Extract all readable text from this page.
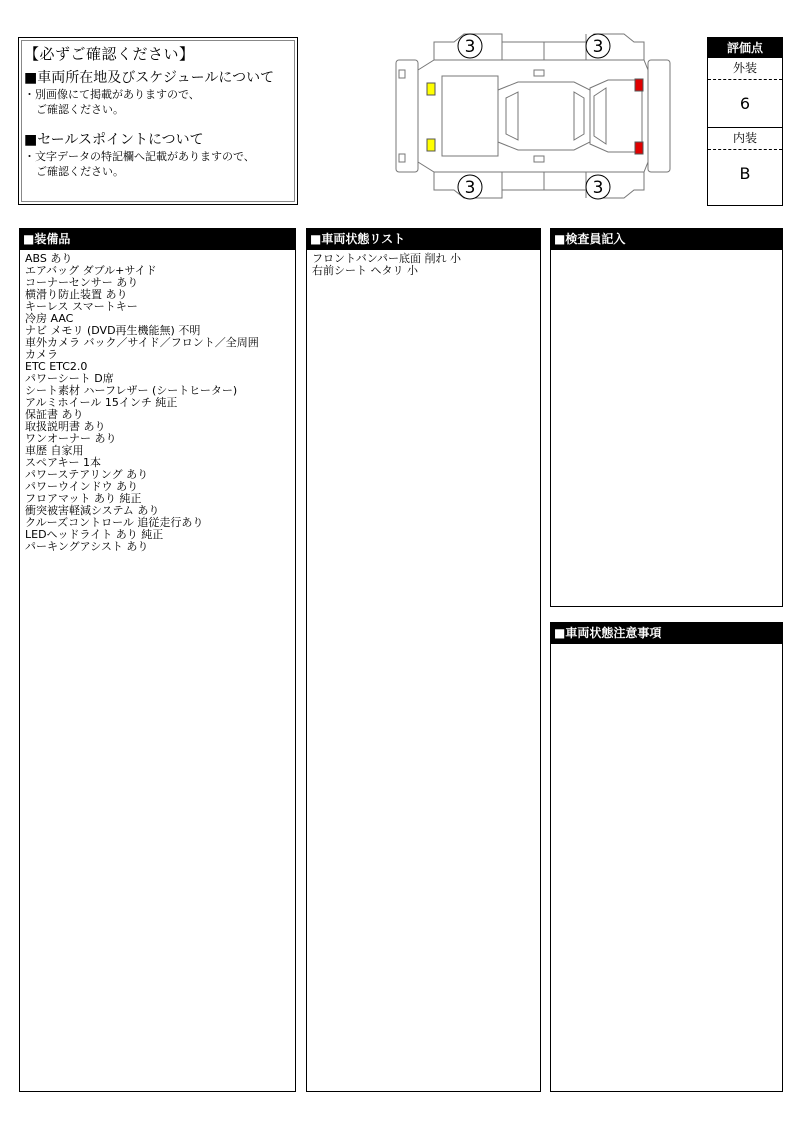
【必ずご確認ください】
■車両所在地及びスケジュールについて
・別画像にて掲載がありますので、
ご確認ください。
■セールスポイントについて
・文字データの特記欄へ記載がありますので、
ご確認ください。
3	3
3	3
評価点
外装
6
内装
B
■装備品
ABS あり
エアバッグ ダブル+サイド
コーナーセンサー あり
横滑り防止装置 あり
キーレス スマートキー
冷房 AAC
ナビ メモリ (DVD再生機能無) 不明
車外カメラ バック／サイド／フロント／全周囲
カメラ
ETC ETC2.0
パワーシート D席
シート素材 ハーフレザー (シートヒーター)
アルミホイール 15インチ 純正
保証書 あり
取扱説明書 あり
ワンオーナー あり
車歴 自家用
スペアキー 1本
パワーステアリング あり
パワーウインドウ あり
フロアマット あり 純正
衝突被害軽減システム あり
クルーズコントロール 追従走行あり
LEDヘッドライト あり 純正
パーキングアシスト あり
■車両状態リスト
フロントバンパー底面 削れ 小
右前シート ヘタリ 小
■検査員記入
■車両状態注意事項
